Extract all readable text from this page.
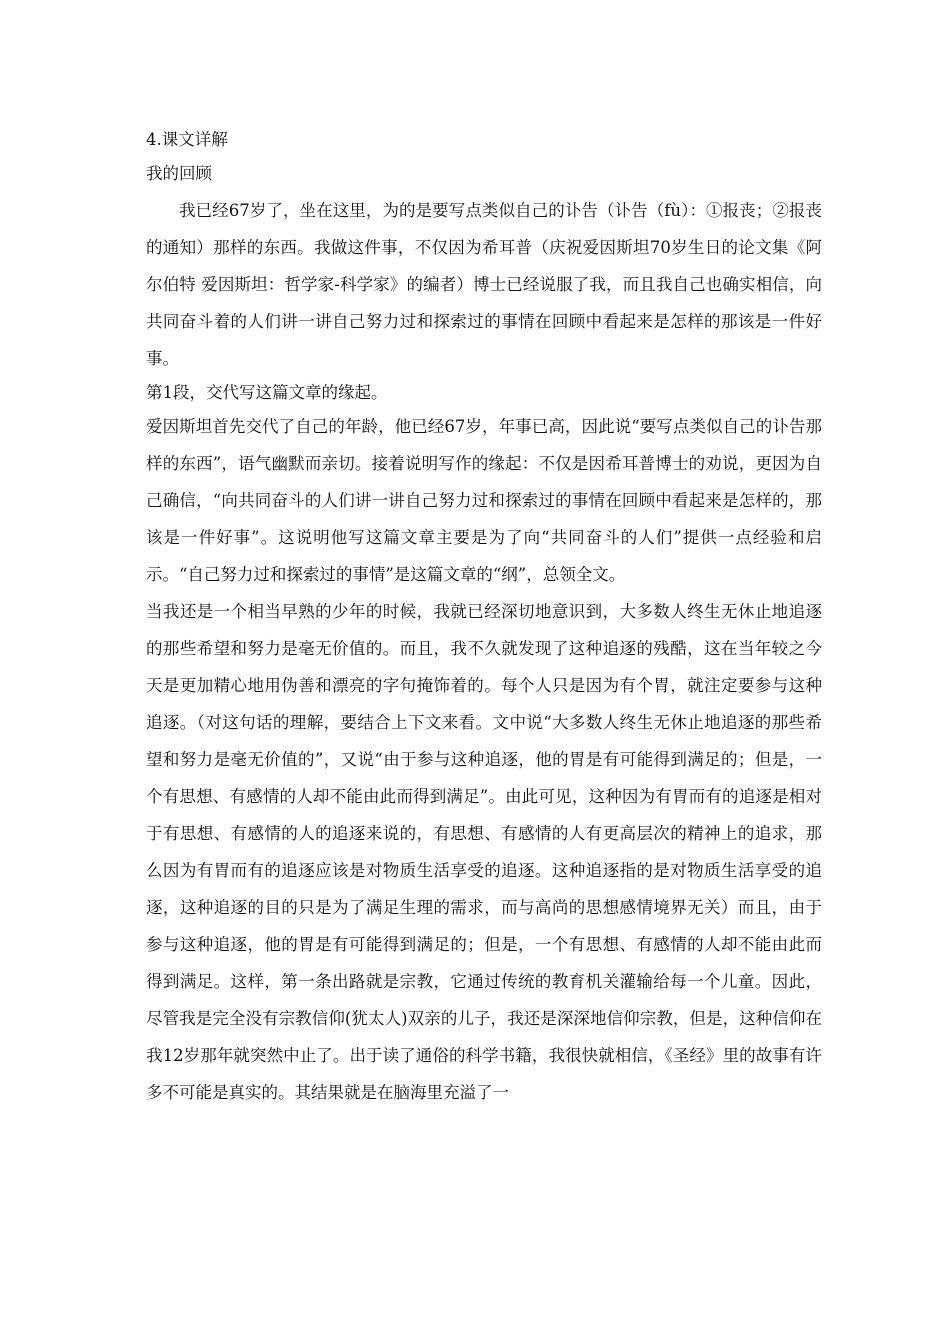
4.课文详解

我的回顾

我已经67岁了，坐在这里，为的是要写点类似自己的讣告（讣告（fù）：①报丧；②报丧的通知）那样的东西。我做这件事，不仅因为希耳普（庆祝爱因斯坦70岁生日的论文集《阿尔伯特 爱因斯坦：哲学家-科学家》的编者）博士已经说服了我，而且我自己也确实相信，向共同奋斗着的人们讲一讲自己努力过和探索过的事情在回顾中看起来是怎样的那该是一件好事。

第1段，交代写这篇文章的缘起。

爱因斯坦首先交代了自己的年龄，他已经67岁，年事已高，因此说“要写点类似自己的讣告那样的东西”，语气幽默而亲切。接着说明写作的缘起：不仅是因希耳普博士的劝说，更因为自己确信，“向共同奋斗的人们讲一讲自己努力过和探索过的事情在回顾中看起来是怎样的，那该是一件好事”。这说明他写这篇文章主要是为了向“共同奋斗的人们”提供一点经验和启示。“自己努力过和探索过的事情”是这篇文章的“纲”，总领全文。

当我还是一个相当早熟的少年的时候，我就已经深切地意识到，大多数人终生无休止地追逐的那些希望和努力是毫无价值的。而且，我不久就发现了这种追逐的残酷，这在当年较之今天是更加精心地用伪善和漂亮的字句掩饰着的。每个人只是因为有个胃，就注定要参与这种追逐。（对这句话的理解，要结合上下文来看。文中说“大多数人终生无休止地追逐的那些希望和努力是毫无价值的”，又说“由于参与这种追逐，他的胃是有可能得到满足的；但是，一个有思想、有感情的人却不能由此而得到满足”。由此可见，这种因为有胃而有的追逐是相对于有思想、有感情的人的追逐来说的，有思想、有感情的人有更高层次的精神上的追求，那么因为有胃而有的追逐应该是对物质生活享受的追逐。这种追逐指的是对物质生活享受的追逐，这种追逐的目的只是为了满足生理的需求，而与高尚的思想感情境界无关）而且，由于参与这种追逐，他的胃是有可能得到满足的；但是，一个有思想、有感情的人却不能由此而得到满足。这样，第一条出路就是宗教，它通过传统的教育机关灌输给每一个儿童。因此，尽管我是完全没有宗教信仰(犹太人)双亲的儿子，我还是深深地信仰宗教，但是，这种信仰在我12岁那年就突然中止了。出于读了通俗的科学书籍，我很快就相信，《圣经》里的故事有许多不可能是真实的。其结果就是在脑海里充溢了一
